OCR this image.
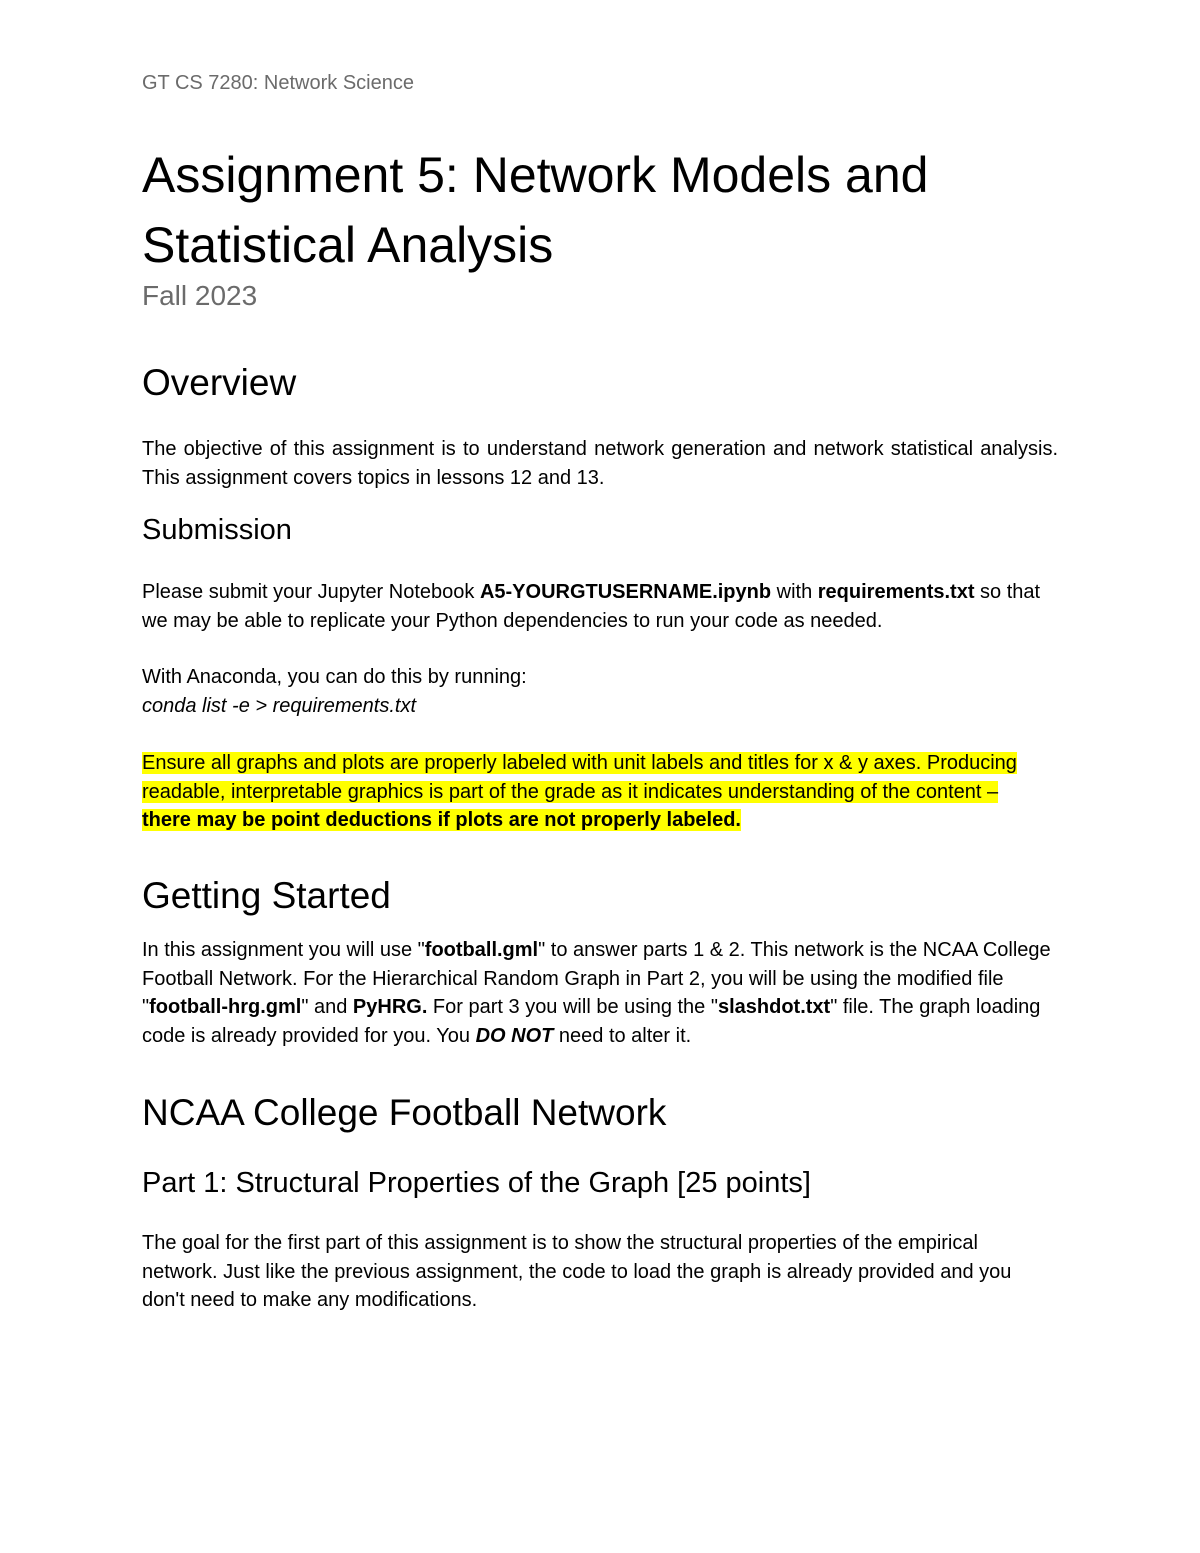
GT CS 7280: Network Science
Assignment 5: Network Models and Statistical Analysis
Fall 2023
Overview
The objective of this assignment is to understand network generation and network statistical analysis. This assignment covers topics in lessons 12 and 13.
Submission
Please submit your Jupyter Notebook A5-YOURGTUSERNAME.ipynb with requirements.txt so that we may be able to replicate your Python dependencies to run your code as needed.
With Anaconda, you can do this by running:
conda list -e > requirements.txt
Ensure all graphs and plots are properly labeled with unit labels and titles for x & y axes. Producing readable, interpretable graphics is part of the grade as it indicates understanding of the content – there may be point deductions if plots are not properly labeled.
Getting Started
In this assignment you will use "football.gml" to answer parts 1 & 2. This network is the NCAA College Football Network. For the Hierarchical Random Graph in Part 2, you will be using the modified file "football-hrg.gml" and PyHRG. For part 3 you will be using the "slashdot.txt" file. The graph loading code is already provided for you. You DO NOT need to alter it.
NCAA College Football Network
Part 1: Structural Properties of the Graph [25 points]
The goal for the first part of this assignment is to show the structural properties of the empirical network. Just like the previous assignment, the code to load the graph is already provided and you don't need to make any modifications.
